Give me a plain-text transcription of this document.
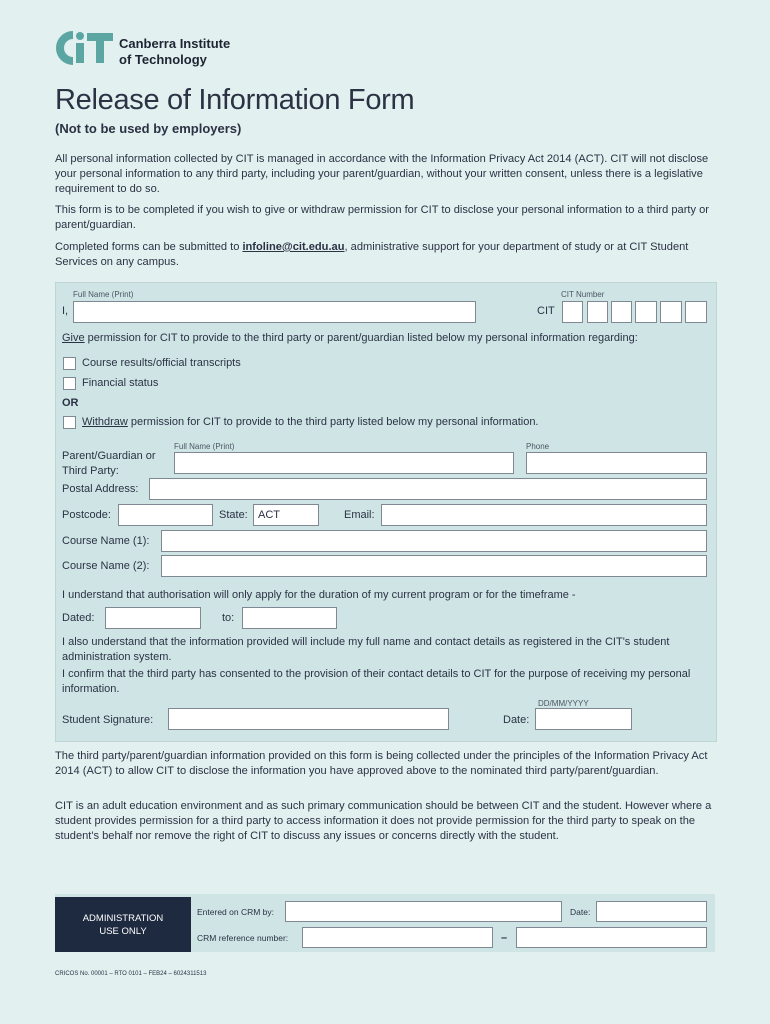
Canberra Institute
of Technology
Release of Information Form
(Not to be used by employers)
All personal information collected by CIT is managed in accordance with the Information Privacy Act 2014 (ACT). CIT will not disclose your personal information to any third party, including your parent/guardian, without your written consent, unless there is a legislative requirement to do so.
This form is to be completed if you wish to give or withdraw permission for CIT to disclose your personal information to a third party or parent/guardian.
Completed forms can be submitted to infoline@cit.edu.au, administrative support for your department of study or at CIT Student Services on any campus.
Full Name (Print)	CIT Number
I,	CIT
Give permission for CIT to provide to the third party or parent/guardian listed below my personal information regarding:
Course results/official transcripts
Financial status
OR
Withdraw permission for CIT to provide to the third party listed below my personal information.
Full Name (Print)	Phone
Parent/Guardian or
Third Party:
Postal Address:
Postcode:	State: ACT	Email:
Course Name (1):
Course Name (2):
I understand that authorisation will only apply for the duration of my current program or for the timeframe -
Dated:	to:
I also understand that the information provided will include my full name and contact details as registered in the CIT's student administration system.
I confirm that the third party has consented to the provision of their contact details to CIT for the purpose of receiving my personal information.
DD/MM/YYYY
Student Signature:	Date:
The third party/parent/guardian information provided on this form is being collected under the principles of the Information Privacy Act 2014 (ACT) to allow CIT to disclose the information you have approved above to the nominated third party/parent/guardian.
CIT is an adult education environment and as such primary communication should be between CIT and the student. However where a student provides permission for a third party to access information it does not provide permission for the third party to speak on the student's behalf nor remove the right of CIT to discuss any issues or concerns directly with the student.
ADMINISTRATION
USE ONLY
Entered on CRM by:	Date:
CRM reference number:	–
CRICOS No. 00001 – RTO 0101 – FEB24 – 6024311513
